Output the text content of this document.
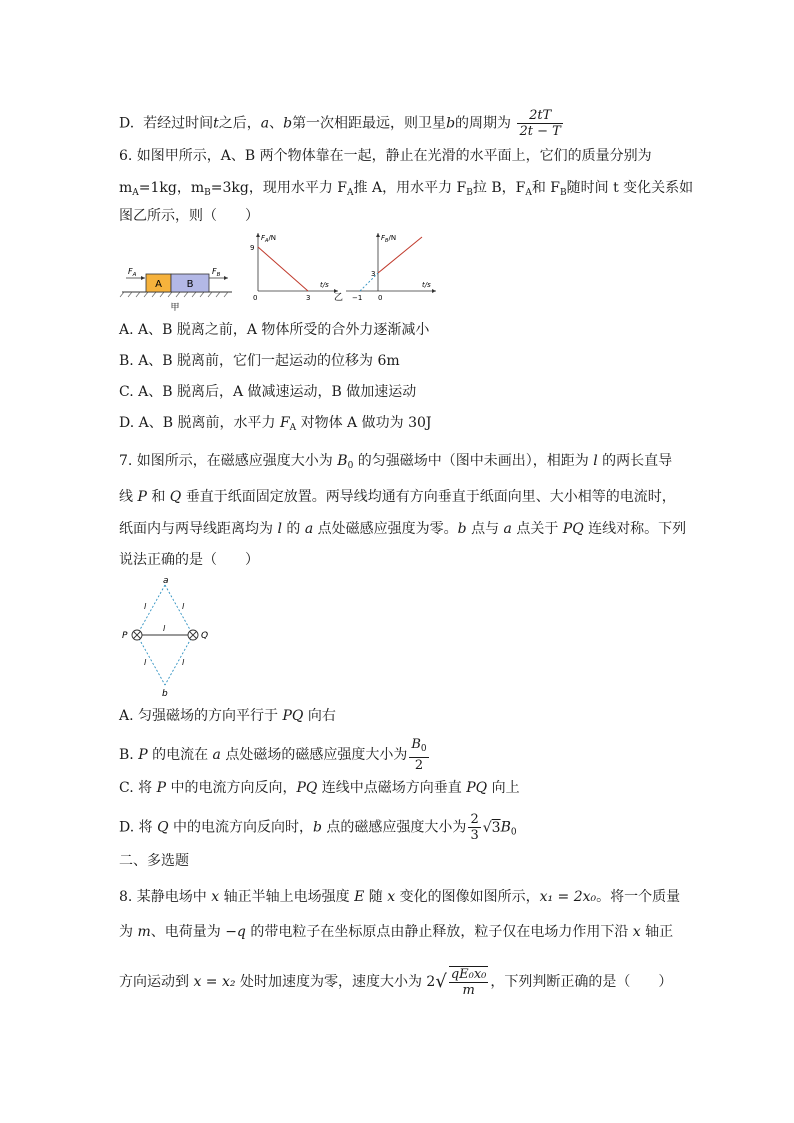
D. 若经过时间t之后，a、b第一次相距最远，则卫星b的周期为 $\frac{2tT}{2t - T}$
6. 如图甲所示，A、B 两个物体靠在一起，静止在光滑的水平面上，它们的质量分别为
$m_A=1kg$，$m_B=3kg$，现用水平力 $F_A$推 A，用水平力 $F_B$拉 B，$F_A$和 $F_B$随时间 t 变化关系如
图乙所示，则（　　）
A B
$F_A$	$F_B$
甲
$F_A/N$
t/s
9
0	3
$F_B/N$
t/s
3
−1 0
乙
A. A、B 脱离之前，A 物体所受的合外力逐渐减小
B. A、B 脱离前，它们一起运动的位移为 6m
C. A、B 脱离后，A 做减速运动，B 做加速运动
D. A、B 脱离前，水平力 $F_A$ 对物体 A 做功为 30J
7. 如图所示，在磁感应强度大小为 $B_0$ 的匀强磁场中（图中未画出），相距为 l 的两长直导
线 P 和 Q 垂直于纸面固定放置。两导线均通有方向垂直于纸面向里、大小相等的电流时，
纸面内与两导线距离均为 l 的 a 点处磁感应强度为零。b 点与 a 点关于 PQ 连线对称。下列
说法正确的是（　　）
a
b
P	Q
l	l
l
l	l
A. 匀强磁场的方向平行于 PQ 向右
B. P 的电流在 a 点处磁场的磁感应强度大小为 $\frac{B_0}{2}$
C. 将 P 中的电流方向反向，PQ 连线中点磁场方向垂直 PQ 向上
D. 将 Q 中的电流方向反向时，b 点的磁感应强度大小为 $\frac{2}{3} √3B_0$
二、多选题
8. 某静电场中 x 轴正半轴上电场强度 E 随 x 变化的图像如图所示，x₁ = 2x₀。将一个质量
为 m、电荷量为 −q 的带电粒子在坐标原点由静止释放，粒子仅在电场力作用下沿 x 轴正
方向运动到 x = x₂ 处时加速度为零，速度大小为 $2√ \frac{\text{qE₀x₀}}{m}$ ，下列判断正确的是（　　）
